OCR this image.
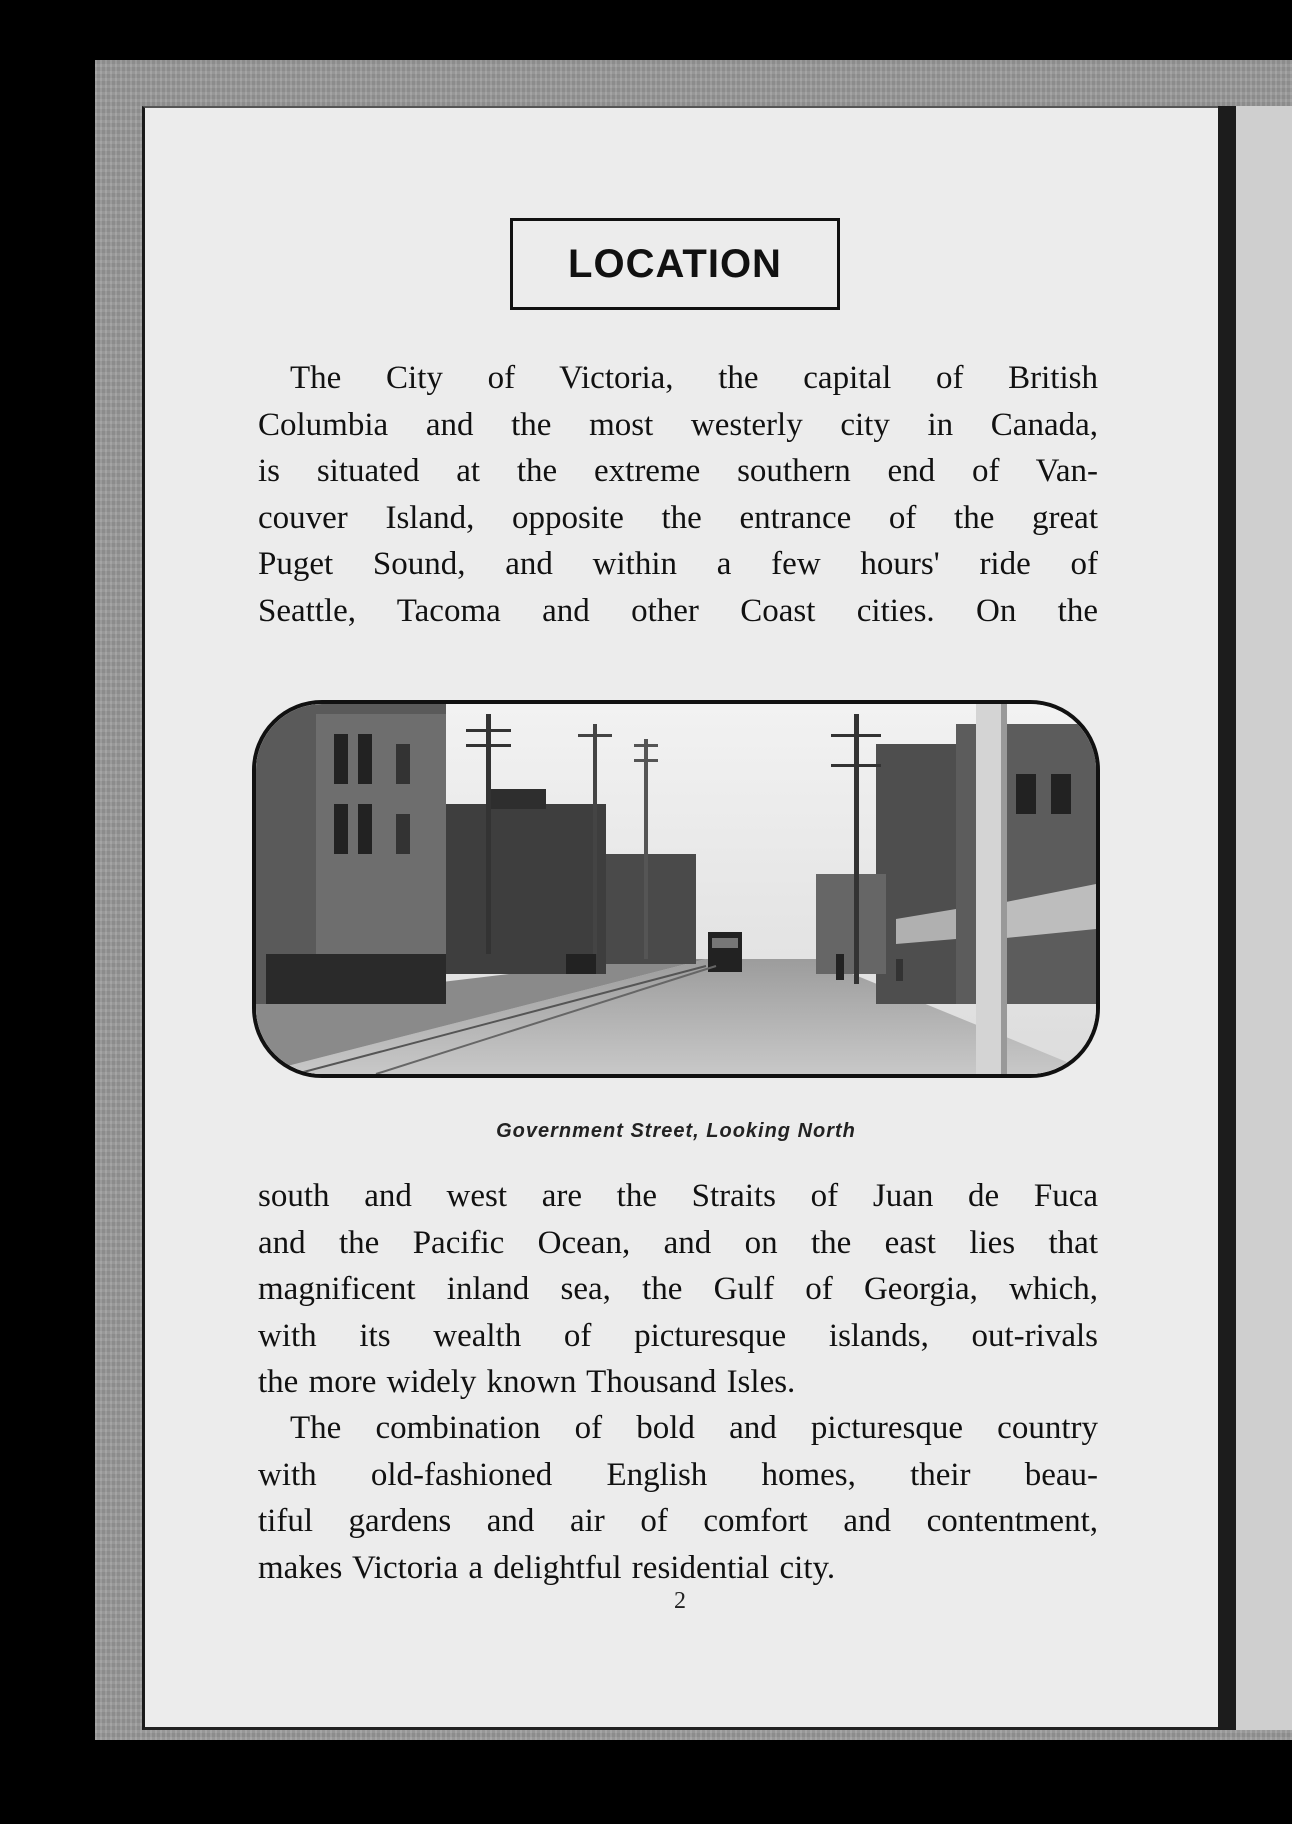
LOCATION
The City of Victoria, the capital of British
Columbia and the most westerly city in Canada,
is situated at the extreme southern end of Van-
couver Island, opposite the entrance of the great
Puget Sound, and within a few hours' ride of
Seattle, Tacoma and other Coast cities. On the
Government Street, Looking North
south and west are the Straits of Juan de Fuca
and the Pacific Ocean, and on the east lies that
magnificent inland sea, the Gulf of Georgia, which,
with its wealth of picturesque islands, out-rivals
the more widely known Thousand Isles.
The combination of bold and picturesque country
with old-fashioned English homes, their beau-
tiful gardens and air of comfort and contentment,
makes Victoria a delightful residential city.
2
